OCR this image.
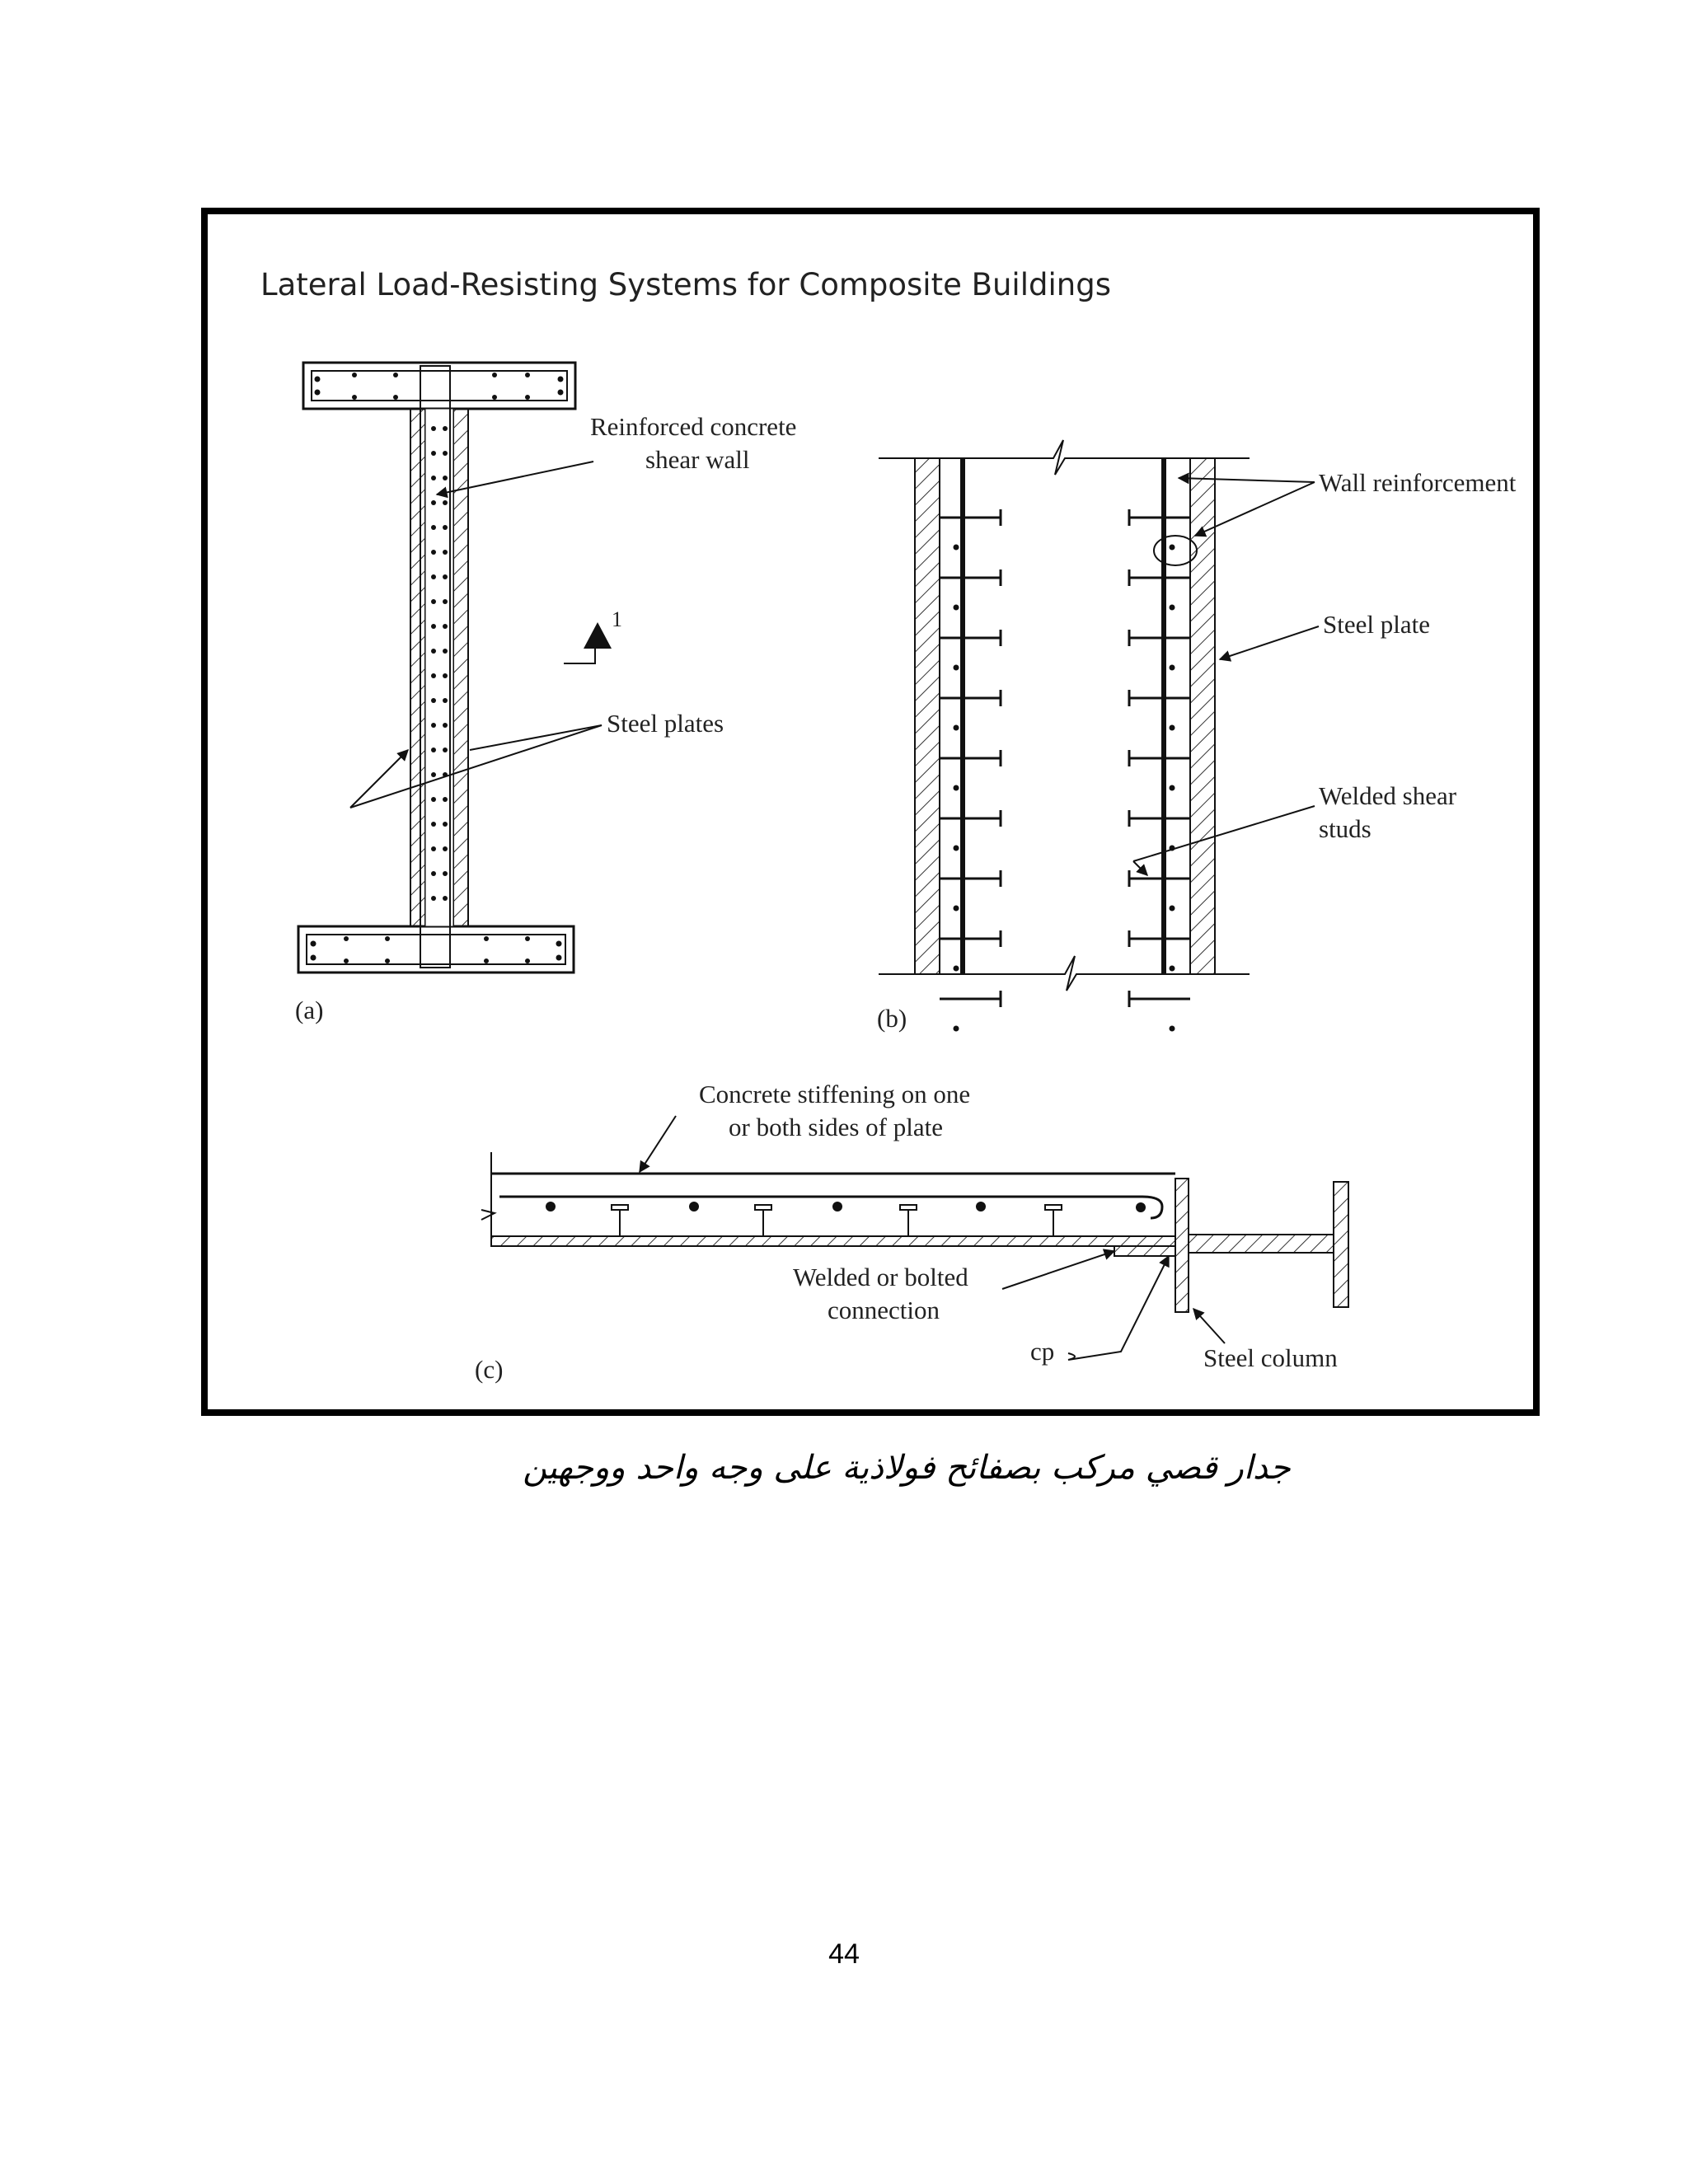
Lateral Load-Resisting Systems for Composite Buildings
Reinforced concrete
shear wall
Steel plates
1
(a)
Wall reinforcement
Steel plate
Welded shear
studs
(b)
Concrete stiffening on one
or both sides of plate
Welded or bolted
connection
cp	Steel column
(c)
جدار قصي مركب بصفائح فولاذية على وجه واحد ووجهين
44
